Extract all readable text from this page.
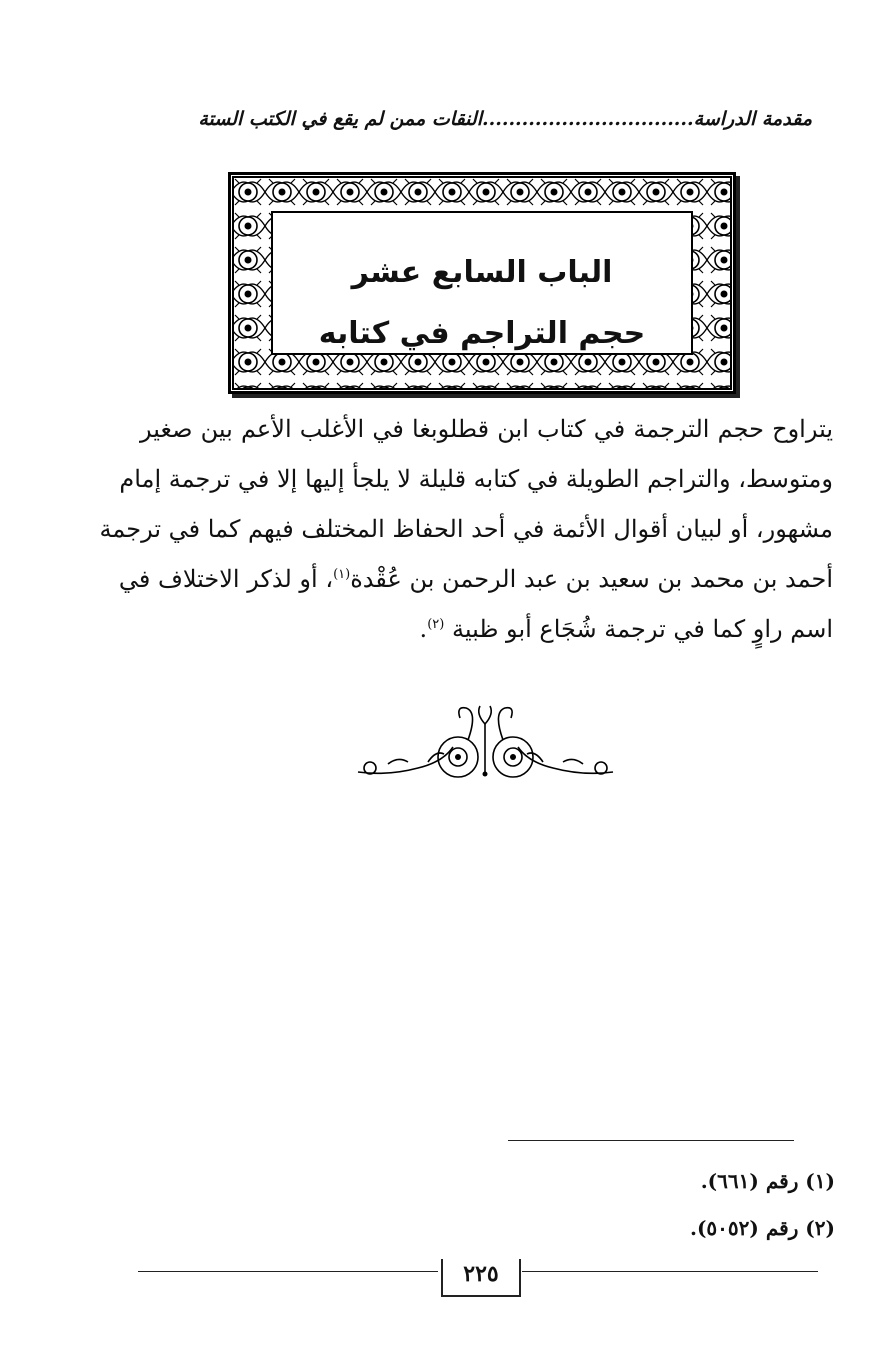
مقدمة الدراسة................................النقات ممن لم يقع في الكتب الستة
الباب السابع عشر
حجم التراجم في كتابه
يتراوح حجم الترجمة في كتاب ابن قطلوبغا في الأغلب الأعم بين صغير
ومتوسط، والتراجم الطويلة في كتابه قليلة لا يلجأ إليها إلا في ترجمة إمام
مشهور، أو لبيان أقوال الأئمة في أحد الحفاظ المختلف فيهم كما في ترجمة
أحمد بن محمد بن سعيد بن عبد الرحمن بن عُقْدة$^{(١)}$، أو لذكر الاختلاف في
اسم راوٍ كما في ترجمة شُجَاع أبو ظبية $^{(٢)}$.
(١) رقم (٦٦١).
(٢) رقم (٥٠٥٢).
٢٢٥
